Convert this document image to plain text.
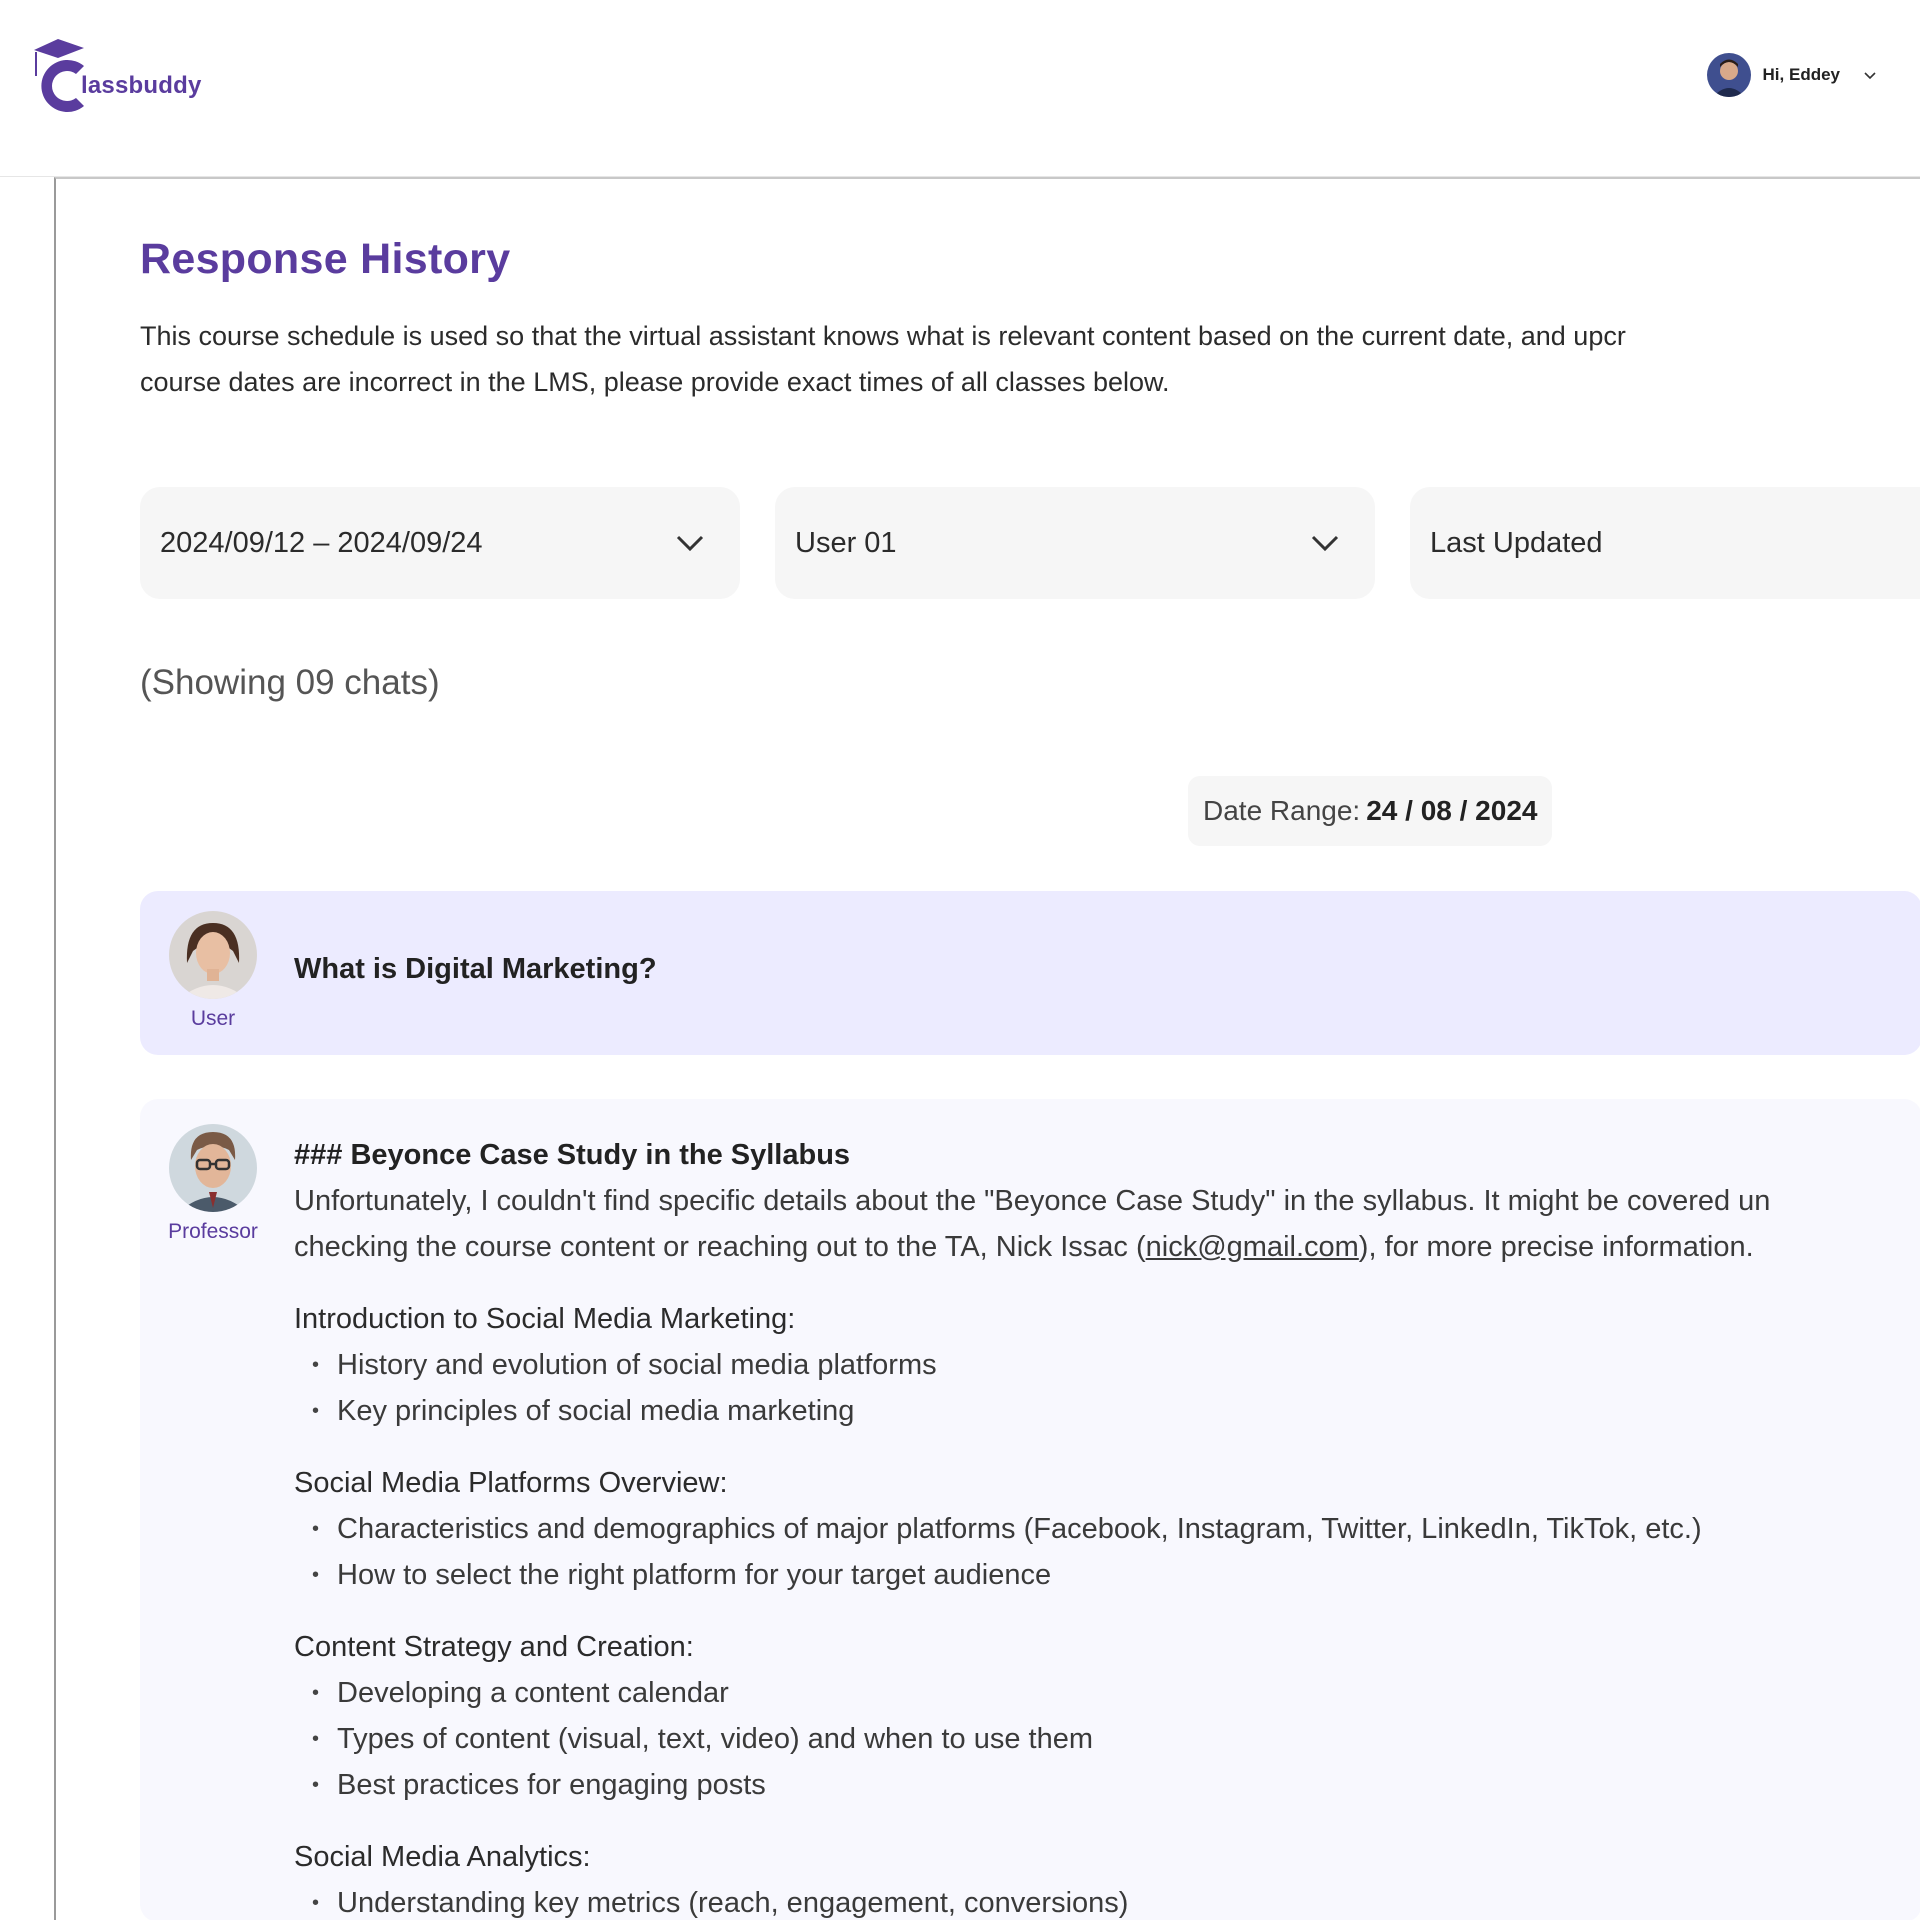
lassbuddy	Hi, Eddey
Response History
This course schedule is used so that the virtual assistant knows what is relevant content based on the current date, and upcr
course dates are incorrect in the LMS, please provide exact times of all classes below.
2024/09/12 – 2024/09/24	User 01	Last Updated
(Showing 09 chats)
Date Range: 24 / 08 / 2024
User
What is Digital Marketing?
Professor
### Beyonce Case Study in the Syllabus
Unfortunately, I couldn't find specific details about the "Beyonce Case Study" in the syllabus. It might be covered un
checking the course content or reaching out to the TA, Nick Issac (nick@gmail.com), for more precise information.
Introduction to Social Media Marketing:
• History and evolution of social media platforms
• Key principles of social media marketing
Social Media Platforms Overview:
• Characteristics and demographics of major platforms (Facebook, Instagram, Twitter, LinkedIn, TikTok, etc.)
• How to select the right platform for your target audience
Content Strategy and Creation:
• Developing a content calendar
• Types of content (visual, text, video) and when to use them
• Best practices for engaging posts
Social Media Analytics:
• Understanding key metrics (reach, engagement, conversions)
